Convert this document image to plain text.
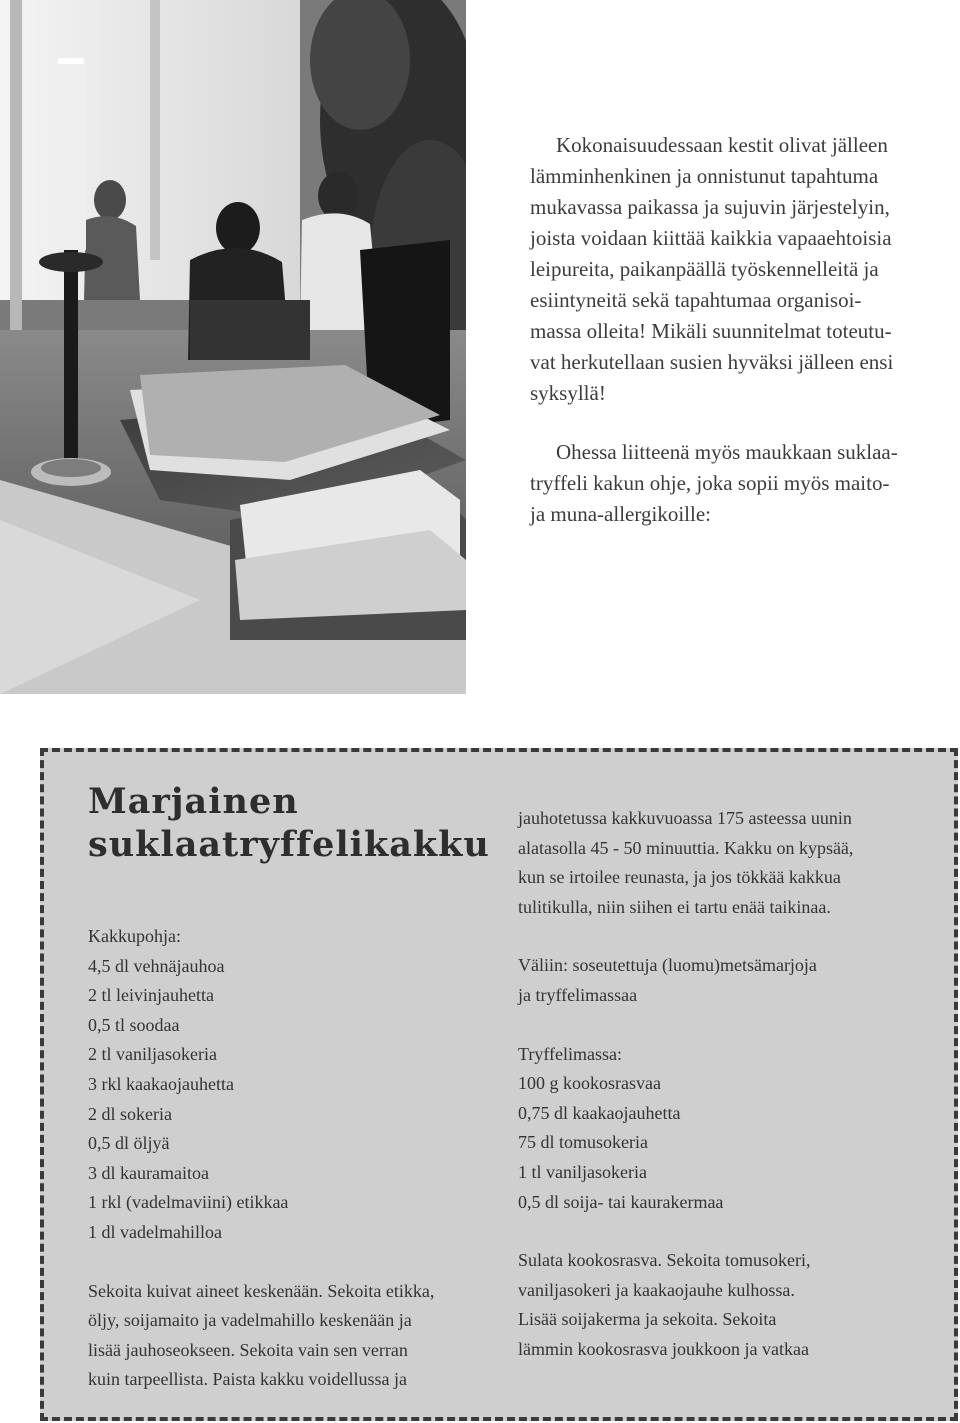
Kokonaisuudessaan kestit olivat jälleen

lämminhenkinen ja onnistunut tapahtuma
mukavassa paikassa ja sujuvin järjestelyin,
joista voidaan kiittää kaikkia vapaaehtoisia
leipureita, paikanpäällä työskennelleitä ja
esiintyneitä sekä tapahtumaa organisoi-
massa olleita! Mikäli suunnitelmat toteutu-
vat herkutellaan susien hyväksi jälleen ensi
syksyllä!

Ohessa liitteenä myös maukkaan suklaa-
tryffeli kakun ohje, joka sopii myös maito-
ja muna-allergikoille:

Marjainen
suklaatryffelikakku
Kakkupohja:
4,5 dl vehnäjauhoa
2 tl leivinjauhetta
0,5 tl soodaa
2 tl vaniljasokeria
3 rkl kaakaojauhetta
2 dl sokeria
0,5 dl öljyä
3 dl kauramaitoa
1 rkl (vadelmaviini) etikkaa
1 dl vadelmahilloa
Sekoita kuivat aineet keskenään. Sekoita etikka,
öljy, soijamaito ja vadelmahillo keskenään ja
lisää jauhoseokseen. Sekoita vain sen verran
kuin tarpeellista. Paista kakku voidellussa ja
jauhotetussa kakkuvuoassa 175 asteessa uunin
alatasolla 45 - 50 minuuttia. Kakku on kypsää,
kun se irtoilee reunasta, ja jos tökkää kakkua
tulitikulla, niin siihen ei tartu enää taikinaa.
Väliin: soseutettuja (luomu)metsämarjoja
ja tryffelimassaa
Tryffelimassa:
100 g kookosrasvaa
0,75 dl kaakaojauhetta
75 dl tomusokeria
1 tl vaniljasokeria
0,5 dl soija- tai kaurakermaa
Sulata kookosrasva. Sekoita tomusokeri,
vaniljasokeri ja kaakaojauhe kulhossa.
Lisää soijakerma ja sekoita. Sekoita
lämmin kookosrasva joukkoon ja vatkaa
